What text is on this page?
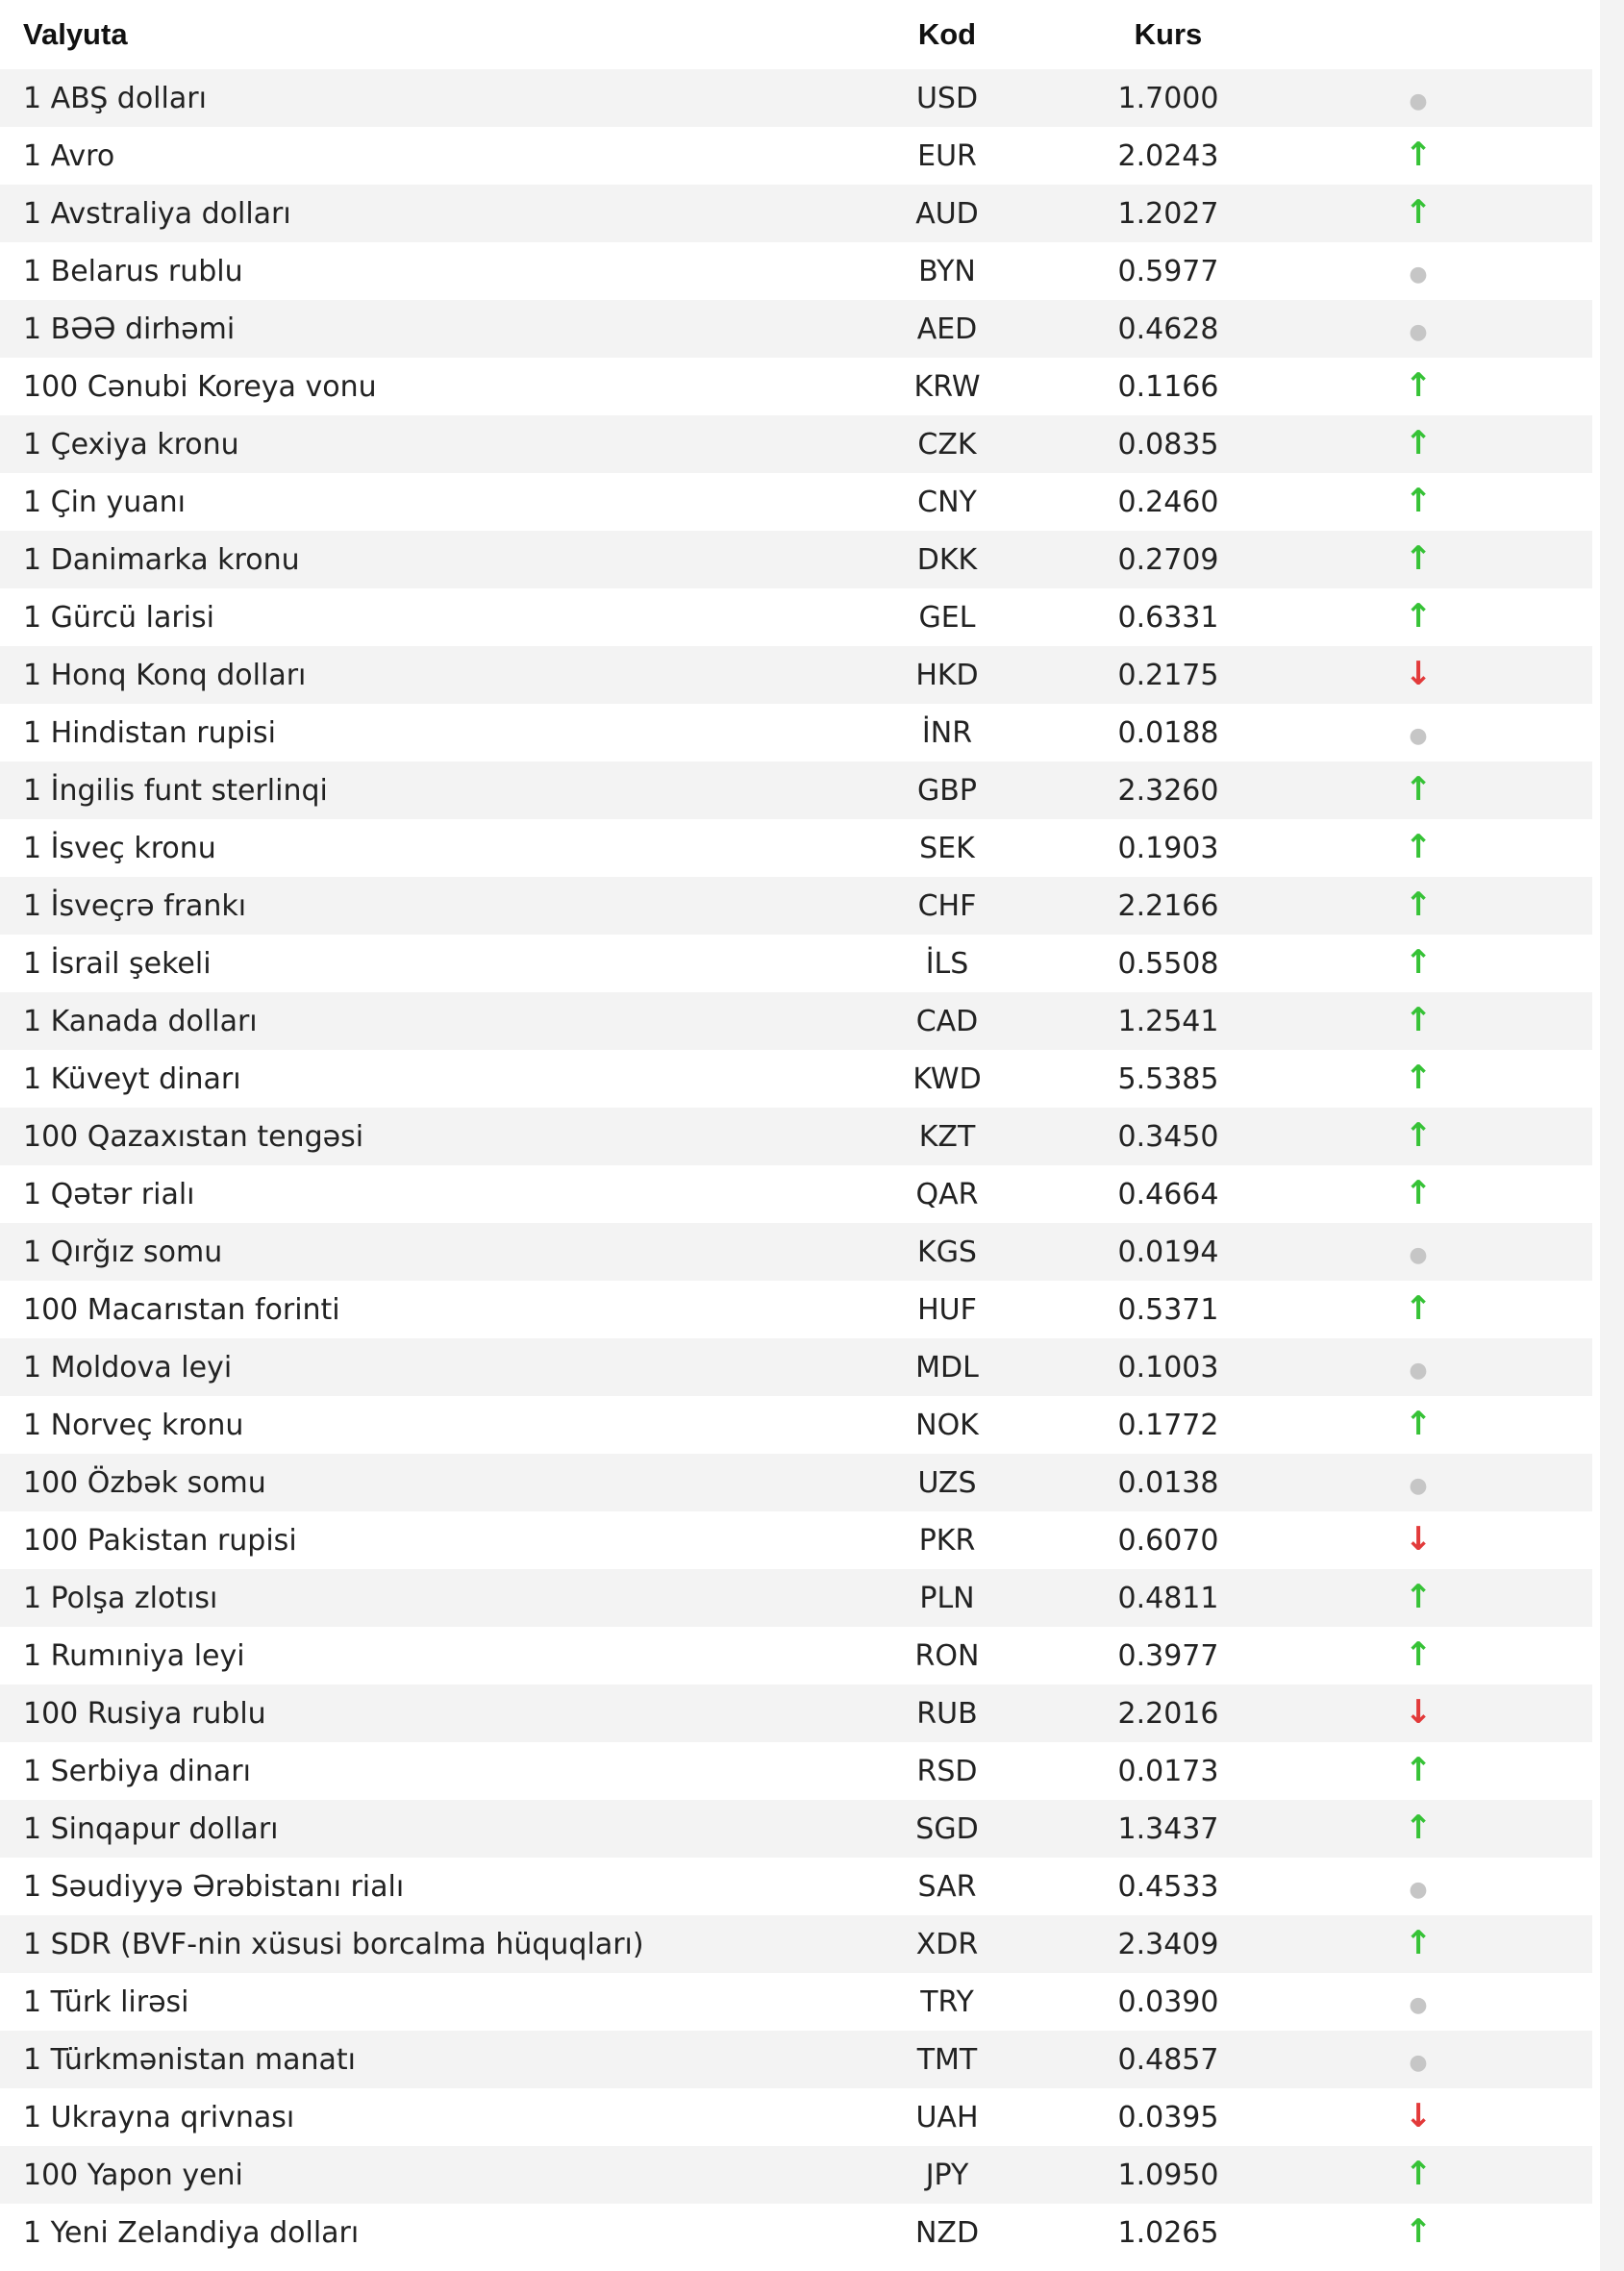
Valyuta	Kod	Kurs	
1 ABŞ dolları	USD	1.7000	●
1 Avro	EUR	2.0243	↑
1 Avstraliya dolları	AUD	1.2027	↑
1 Belarus rublu	BYN	0.5977	●
1 BƏƏ dirhəmi	AED	0.4628	●
100 Cənubi Koreya vonu	KRW	0.1166	↑
1 Çexiya kronu	CZK	0.0835	↑
1 Çin yuanı	CNY	0.2460	↑
1 Danimarka kronu	DKK	0.2709	↑
1 Gürcü larisi	GEL	0.6331	↑
1 Honq Konq dolları	HKD	0.2175	↓
1 Hindistan rupisi	İNR	0.0188	●
1 İngilis funt sterlinqi	GBP	2.3260	↑
1 İsveç kronu	SEK	0.1903	↑
1 İsveçrə frankı	CHF	2.2166	↑
1 İsrail şekeli	İLS	0.5508	↑
1 Kanada dolları	CAD	1.2541	↑
1 Küveyt dinarı	KWD	5.5385	↑
100 Qazaxıstan tengəsi	KZT	0.3450	↑
1 Qətər rialı	QAR	0.4664	↑
1 Qırğız somu	KGS	0.0194	●
100 Macarıstan forinti	HUF	0.5371	↑
1 Moldova leyi	MDL	0.1003	●
1 Norveç kronu	NOK	0.1772	↑
100 Özbək somu	UZS	0.0138	●
100 Pakistan rupisi	PKR	0.6070	↓
1 Polşa zlotısı	PLN	0.4811	↑
1 Rumıniya leyi	RON	0.3977	↑
100 Rusiya rublu	RUB	2.2016	↓
1 Serbiya dinarı	RSD	0.0173	↑
1 Sinqapur dolları	SGD	1.3437	↑
1 Səudiyyə Ərəbistanı rialı	SAR	0.4533	●
1 SDR (BVF-nin xüsusi borcalma hüquqları)	XDR	2.3409	↑
1 Türk lirəsi	TRY	0.0390	●
1 Türkmənistan manatı	TMT	0.4857	●
1 Ukrayna qrivnası	UAH	0.0395	↓
100 Yapon yeni	JPY	1.0950	↑
1 Yeni Zelandiya dolları	NZD	1.0265	↑
